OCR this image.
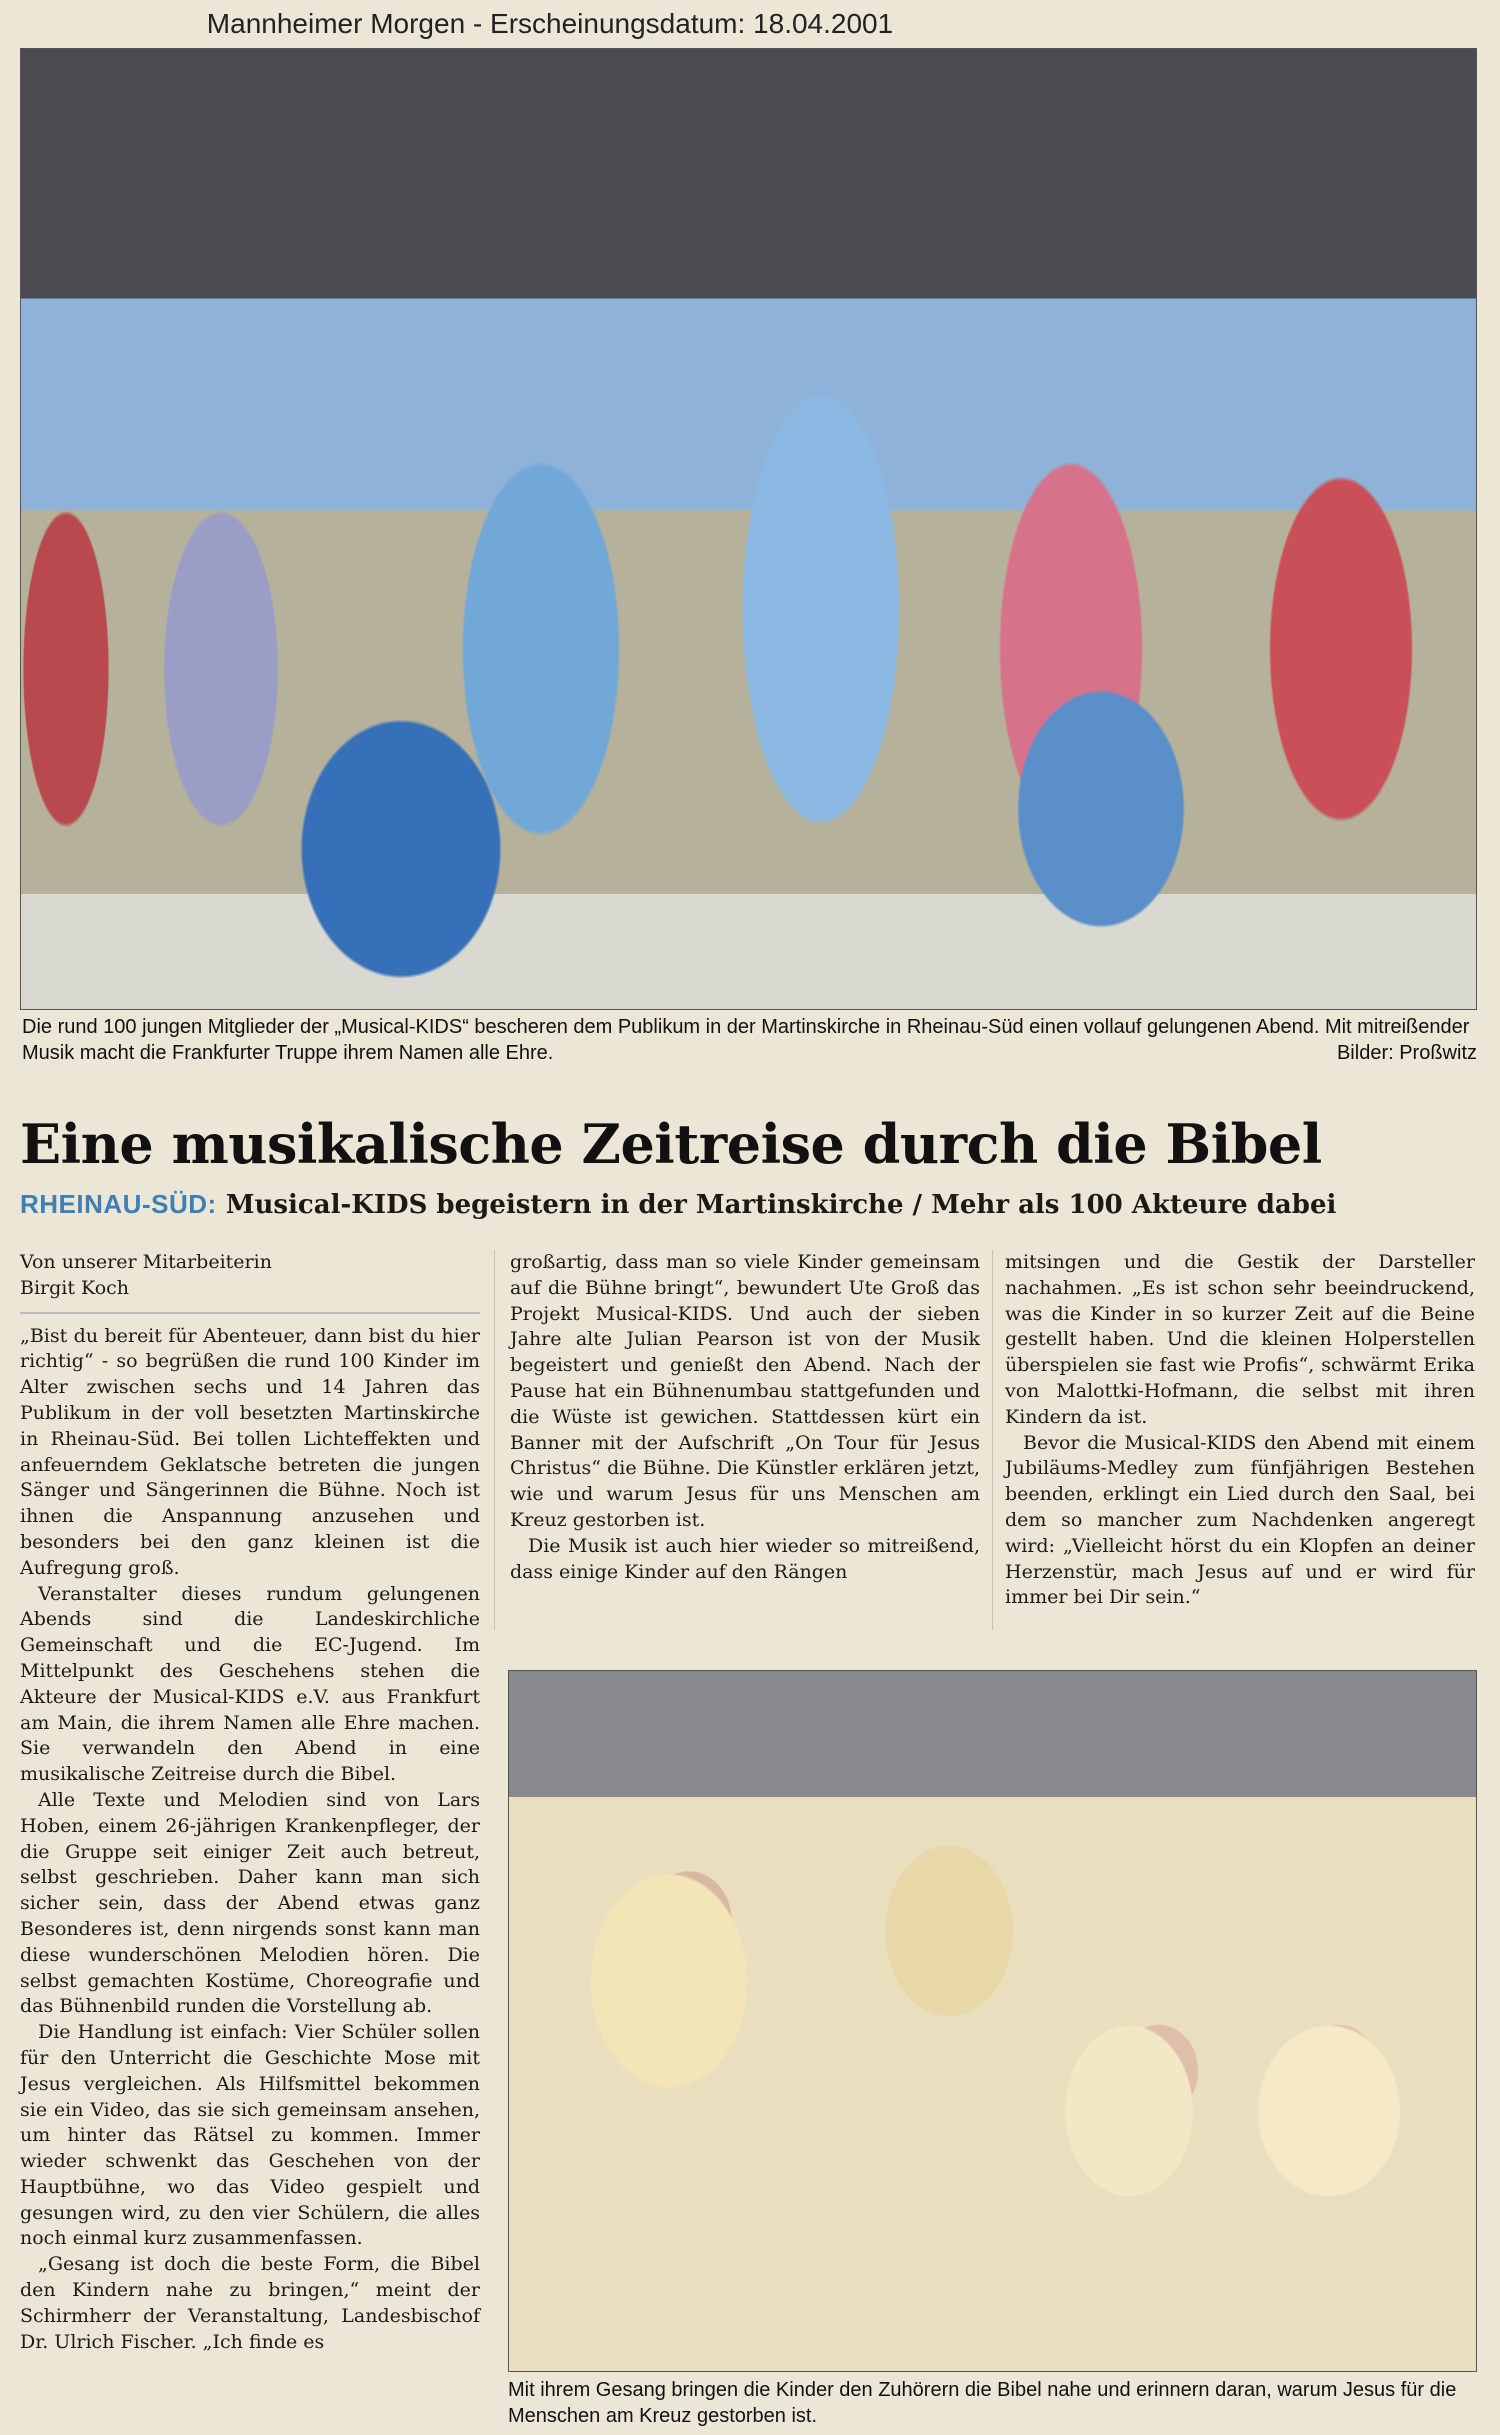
Mannheimer Morgen - Erscheinungsdatum: 18.04.2001
Die rund 100 jungen Mitglieder der „Musical-KIDS“ bescheren dem Publikum in der Martinskirche in Rheinau-Süd einen vollauf gelungenen Abend. Mit mitreißender Musik macht die Frankfurter Truppe ihrem Namen alle Ehre.	Bilder: Proßwitz
Eine musikalische Zeitreise durch die Bibel
RHEINAU-SÜD: Musical-KIDS begeistern in der Martinskirche / Mehr als 100 Akteure dabei

Von unserer Mitarbeiterin

Birgit Koch

„Bist du bereit für Abenteuer, dann bist du hier richtig“ - so begrüßen die rund 100 Kinder im Alter zwischen sechs und 14 Jahren das Publikum in der voll besetzten Martinskirche in Rheinau-Süd. Bei tollen Lichteffekten und anfeuerndem Geklatsche betreten die jungen Sänger und Sängerinnen die Bühne. Noch ist ihnen die Anspannung anzusehen und besonders bei den ganz kleinen ist die Aufregung groß.

Veranstalter dieses rundum gelungenen Abends sind die Landeskirchliche Gemeinschaft und die EC-Jugend. Im Mittelpunkt des Geschehens stehen die Akteure der Musical-KIDS e.V. aus Frankfurt am Main, die ihrem Namen alle Ehre machen. Sie verwandeln den Abend in eine musikalische Zeitreise durch die Bibel.

Alle Texte und Melodien sind von Lars Hoben, einem 26-jährigen Krankenpfleger, der die Gruppe seit einiger Zeit auch betreut, selbst geschrieben. Daher kann man sich sicher sein, dass der Abend etwas ganz Besonderes ist, denn nirgends sonst kann man diese wunderschönen Melodien hören. Die selbst gemachten Kostüme, Choreografie und das Bühnenbild runden die Vorstellung ab.

Die Handlung ist einfach: Vier Schüler sollen für den Unterricht die Geschichte Mose mit Jesus vergleichen. Als Hilfsmittel bekommen sie ein Video, das sie sich gemeinsam ansehen, um hinter das Rätsel zu kommen. Immer wieder schwenkt das Geschehen von der Hauptbühne, wo das Video gespielt und gesungen wird, zu den vier Schülern, die alles noch einmal kurz zusammenfassen.

„Gesang ist doch die beste Form, die Bibel den Kindern nahe zu bringen,“ meint der Schirmherr der Veranstaltung, Landesbischof Dr. Ulrich Fischer. „Ich finde es

großartig, dass man so viele Kinder gemeinsam auf die Bühne bringt“, bewundert Ute Groß das Projekt Musical-KIDS. Und auch der sieben Jahre alte Julian Pearson ist von der Musik begeistert und genießt den Abend. Nach der Pause hat ein Bühnenumbau stattgefunden und die Wüste ist gewichen. Stattdessen kürt ein Banner mit der Aufschrift „On Tour für Jesus Christus“ die Bühne. Die Künstler erklären jetzt, wie und warum Jesus für uns Menschen am Kreuz gestorben ist.

Die Musik ist auch hier wieder so mitreißend, dass einige Kinder auf den Rängen

mitsingen und die Gestik der Darsteller nachahmen. „Es ist schon sehr beeindruckend, was die Kinder in so kurzer Zeit auf die Beine gestellt haben. Und die kleinen Holperstellen überspielen sie fast wie Profis“, schwärmt Erika von Malottki-Hofmann, die selbst mit ihren Kindern da ist.

Bevor die Musical-KIDS den Abend mit einem Jubiläums-Medley zum fünfjährigen Bestehen beenden, erklingt ein Lied durch den Saal, bei dem so mancher zum Nachdenken angeregt wird: „Vielleicht hörst du ein Klopfen an deiner Herzenstür, mach Jesus auf und er wird für immer bei Dir sein.“

Mit ihrem Gesang bringen die Kinder den Zuhörern die Bibel nahe und erinnern daran, warum Jesus für die Menschen am Kreuz gestorben ist.
